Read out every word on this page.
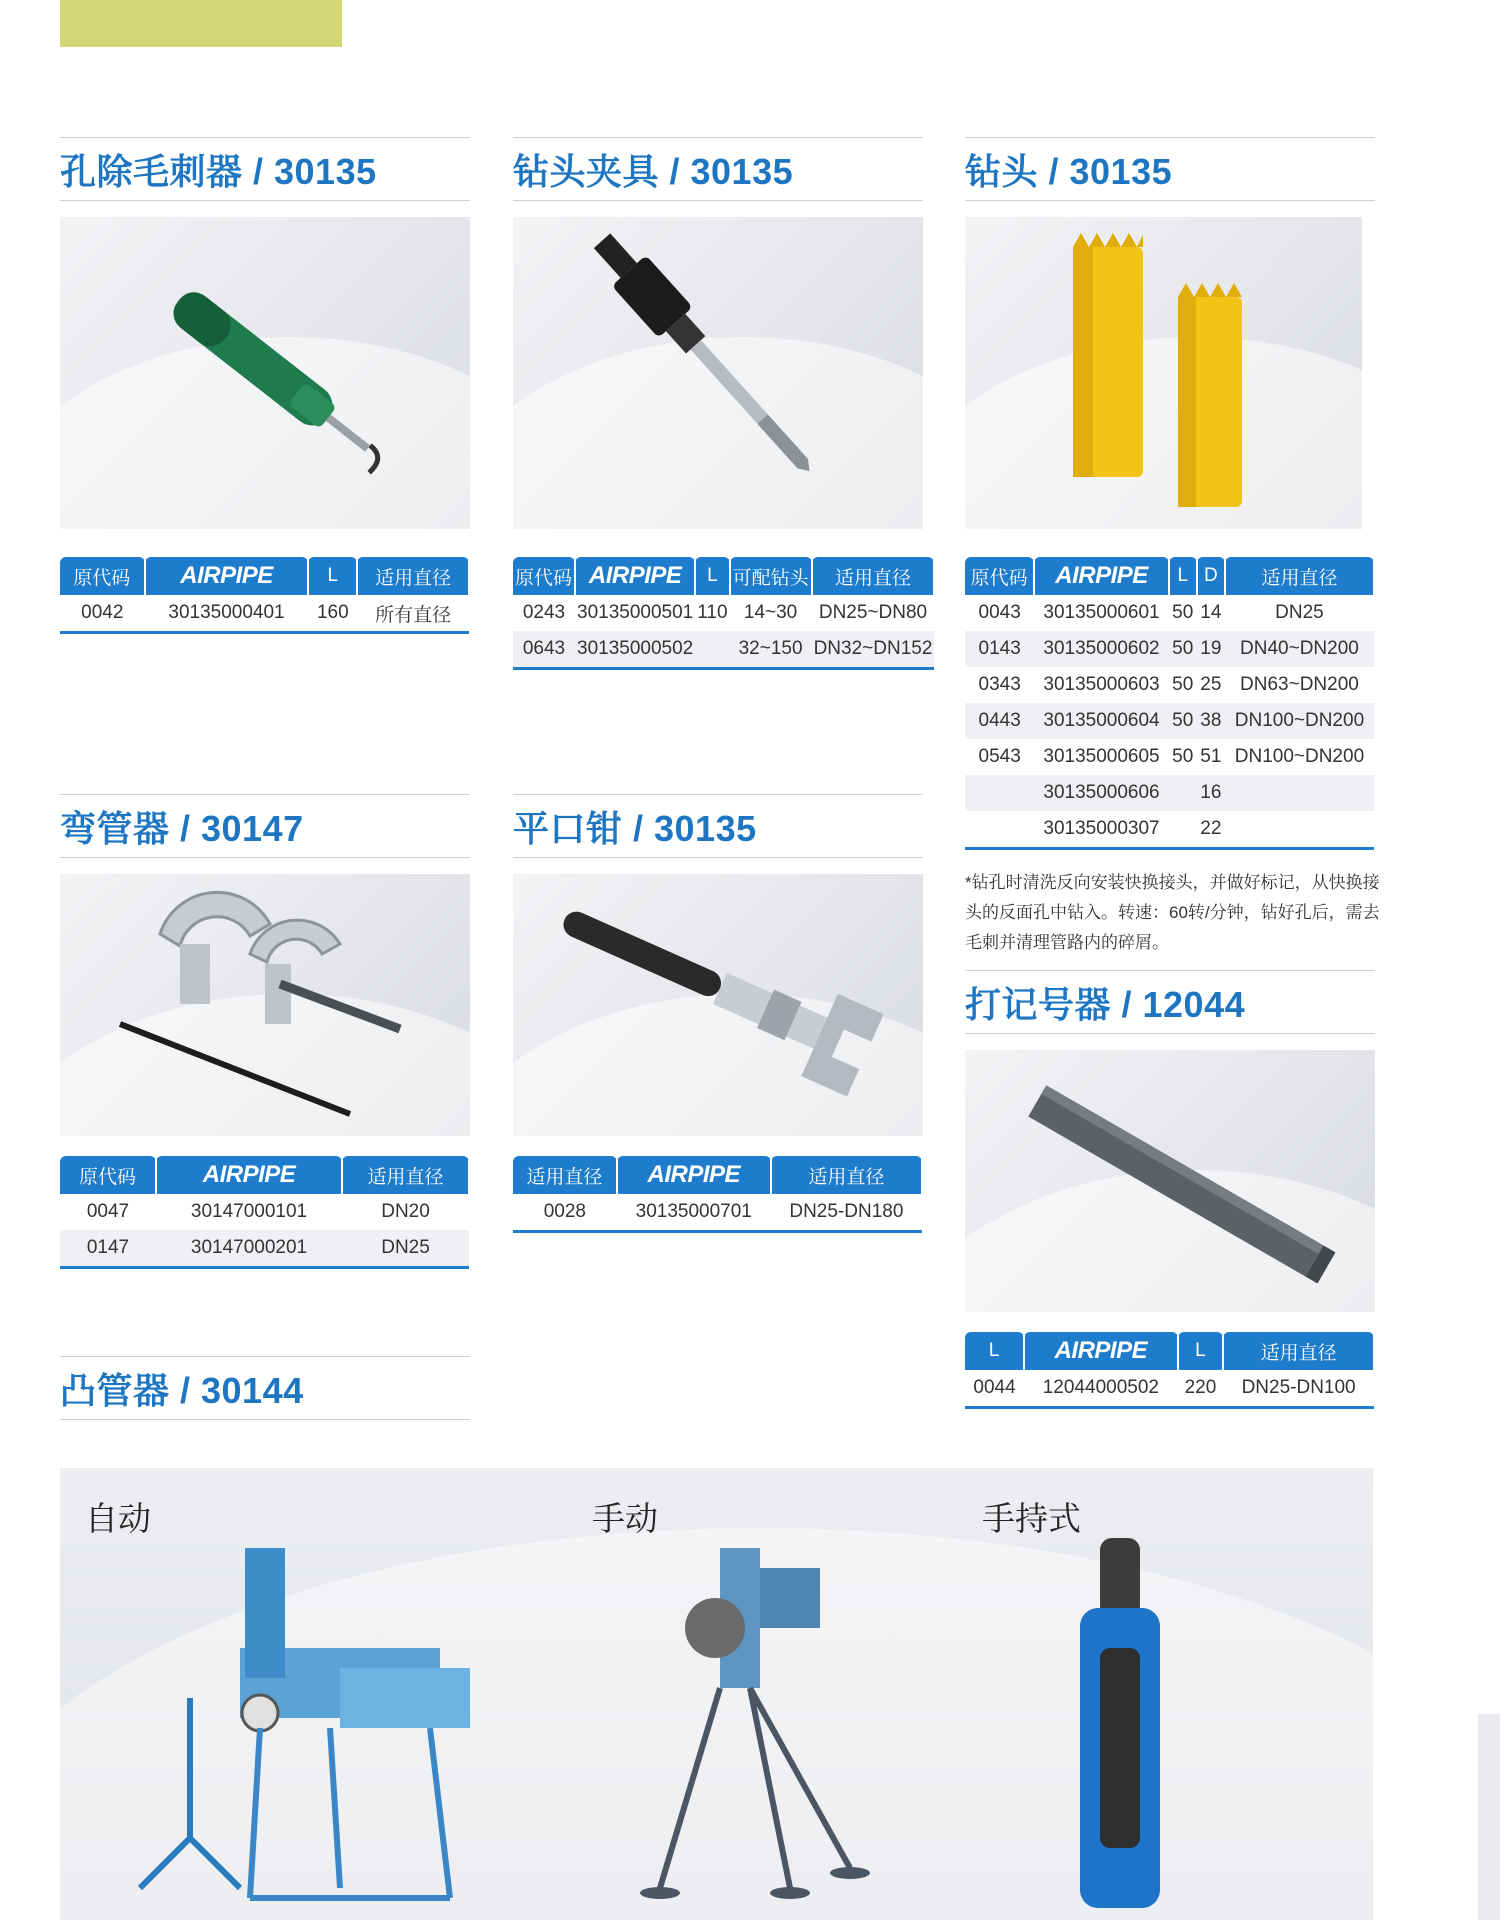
孔除毛刺器 / 30135
原代码	AIRPIPE	L	适用直径
0042	30135000401	160	所有直径
钻头夹具 / 30135
原代码	AIRPIPE	L	可配钻头	适用直径
0243	30135000501	110	14~30	DN25~DN80
0643	30135000502		32~150	DN32~DN152
钻头 / 30135
原代码	AIRPIPE	L	D	适用直径
0043	30135000601	50	14	DN25
0143	30135000602	50	19	DN40~DN200
0343	30135000603	50	25	DN63~DN200
0443	30135000604	50	38	DN100~DN200
0543	30135000605	50	51	DN100~DN200
	30135000606		16	
	30135000307		22	
*钻孔时清洗反向安装快换接头，并做好标记，从快换接头的反面孔中钻入。转速：60转/分钟，钻好孔后，需去毛刺并清理管路内的碎屑。
弯管器 / 30147
原代码	AIRPIPE	适用直径
0047	30147000101	DN20
0147	30147000201	DN25
平口钳 / 30135
适用直径	AIRPIPE	适用直径
0028	30135000701	DN25-DN180
打记号器 / 12044
L	AIRPIPE	L	适用直径
0044	12044000502	220	DN25-DN100
凸管器 / 30144
自动	手动	手持式
